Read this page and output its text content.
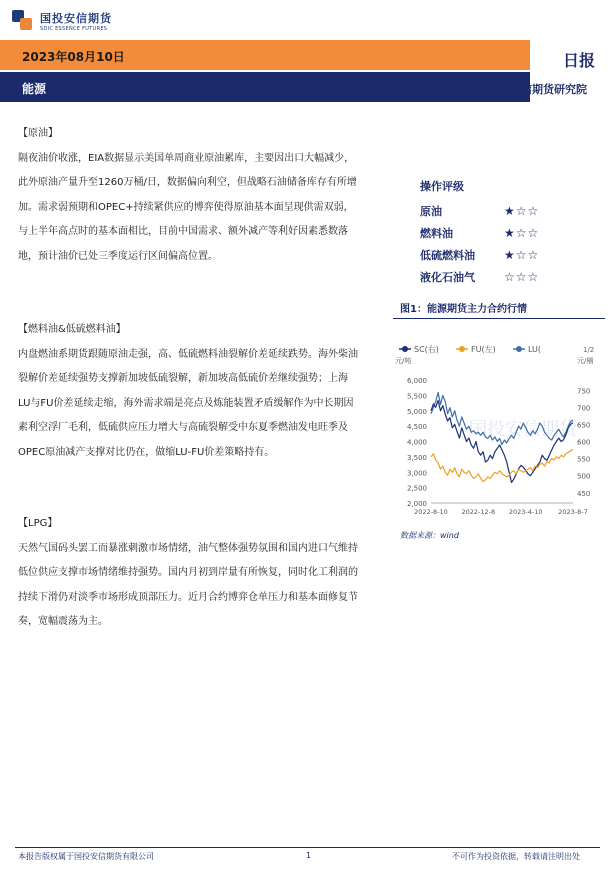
国投安信期货
SDIC ESSENCE FUTURES
2023年08月10日
能源
日报
国投安信期货研究院
【原油】

隔夜油价收涨，EIA数据显示美国单周商业原油累库，主要因出口大幅减少，此外原油产量升至1260万桶/日，数据偏向利空，但战略石油储备库存有所增加。需求弱预期和OPEC+持续紧供应的博弈使得原油基本面呈现供需双弱，与上半年高点时的基本面相比，目前中国需求、额外减产等利好因素悉数落地，预计油价已处三季度运行区间偏高位置。

【燃料油&低硫燃料油】

内盘燃油系期货跟随原油走强，高、低硫燃料油裂解价差延续跌势。海外柴油裂解价差延续强势支撑新加坡低硫裂解，新加坡高低硫价差继续强势；上海LU与FU价差延续走缩，海外需求端是亮点及炼能装置矛盾缓解作为中长期因素利空浮厂毛利，低硫供应压力增大与高硫裂解受中东夏季燃油发电旺季及OPEC原油减产支撑对比仍在，做缩LU-FU价差策略持有。

【LPG】

天然气国码头罢工而暴涨刺激市场情绪，油气整体强势氛围和国内进口气维持低位供应支撑市场情绪维持强势。国内月初到岸量有所恢复，同时化工利润的持续下滑仍对淡季市场形成顶部压力。近月合约博弈仓单压力和基本面修复节奏，宽幅震荡为主。

操作评级
原油	★☆☆
燃料油	★☆☆
低硫燃料油	★☆☆
液化石油气	☆☆☆
图1：能源期货主力合约行情
国投安信期货
SC(右)	FU(左)	LU(	1/2
元/吨	元/桶
6,000
5,500
5,000
4,500
4,000
3,500
3,000
2,500
2,000
750
700
650
600
550
500
450
2022-8-10 2022-12-8 2023-4-10 2023-8-7
数据来源：wind
本报告版权属于国投安信期货有限公司	1	不可作为投资依据，转载请注明出处
